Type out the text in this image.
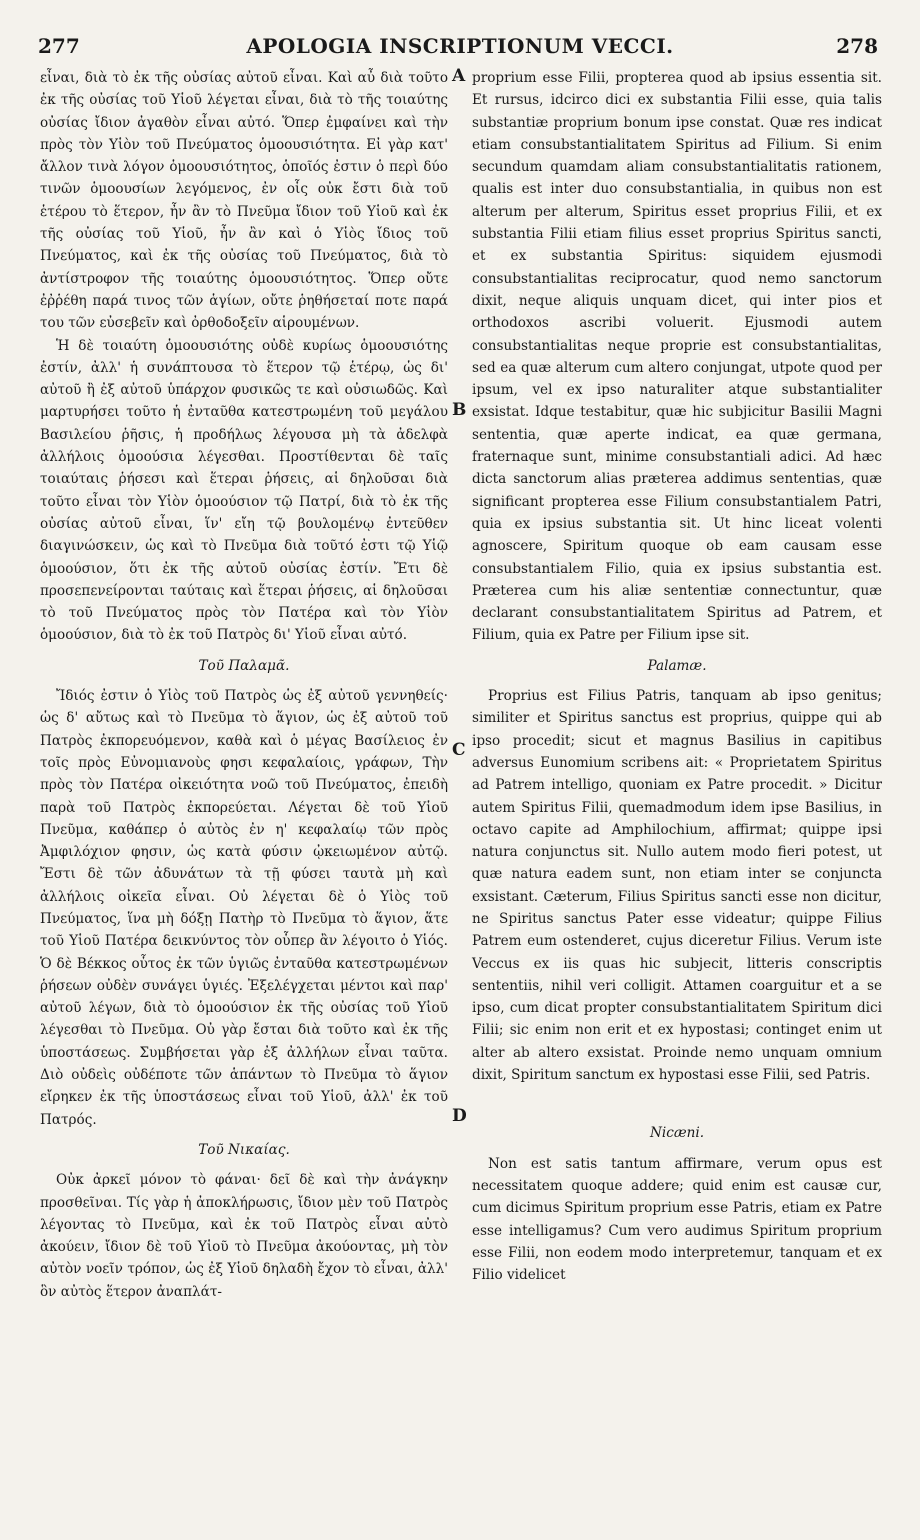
277	APOLOGIA INSCRIPTIONUM VECCI.	278

εἶναι, διὰ τὸ ἐκ τῆς οὐσίας αὐτοῦ εἶναι. Καὶ αὖ διὰ τοῦτο ἐκ τῆς οὐσίας τοῦ Υἱοῦ λέγεται εἶναι, διὰ τὸ τῆς τοιαύτης οὐσίας ἴδιον ἀγαθὸν εἶναι αὐτό. Ὅπερ ἐμφαίνει καὶ τὴν πρὸς τὸν Υἱὸν τοῦ Πνεύματος ὁμοουσιότητα. Εἰ γὰρ κατ' ἄλλον τινὰ λόγον ὁμοουσιότητος, ὁποῖός ἐστιν ὁ περὶ δύο τινῶν ὁμοουσίων λεγόμενος, ἐν οἷς οὐκ ἔστι διὰ τοῦ ἑτέρου τὸ ἕτερον, ἦν ἂν τὸ Πνεῦμα ἴδιον τοῦ Υἱοῦ καὶ ἐκ τῆς οὐσίας τοῦ Υἱοῦ, ἦν ἂν καὶ ὁ Υἱὸς ἴδιος τοῦ Πνεύματος, καὶ ἐκ τῆς οὐσίας τοῦ Πνεύματος, διὰ τὸ ἀντίστροφον τῆς τοιαύτης ὁμοουσιότητος. Ὅπερ οὔτε ἐῤῥέθη παρά τινος τῶν ἁγίων, οὔτε ῥηθήσεταί ποτε παρά του τῶν εὐσεβεῖν καὶ ὀρθοδοξεῖν αἱρουμένων.

Ἡ δὲ τοιαύτη ὁμοουσιότης οὐδὲ κυρίως ὁμοουσιότης ἐστίν, ἀλλ' ἡ συνάπτουσα τὸ ἕτερον τῷ ἑτέρῳ, ὡς δι' αὐτοῦ ἢ ἐξ αὐτοῦ ὑπάρχον φυσικῶς τε καὶ οὐσιωδῶς. Καὶ μαρτυρήσει τοῦτο ἡ ἐνταῦθα κατεστρωμένη τοῦ μεγάλου Βασιλείου ῥῆσις, ἡ προδήλως λέγουσα μὴ τὰ ἀδελφὰ ἀλλήλοις ὁμοούσια λέγεσθαι. Προστίθενται δὲ ταῖς τοιαύταις ῥήσεσι καὶ ἕτεραι ῥήσεις, αἱ δηλοῦσαι διὰ τοῦτο εἶναι τὸν Υἱὸν ὁμοούσιον τῷ Πατρί, διὰ τὸ ἐκ τῆς οὐσίας αὐτοῦ εἶναι, ἵν' εἴη τῷ βουλομένῳ ἐντεῦθεν διαγινώσκειν, ὡς καὶ τὸ Πνεῦμα διὰ τοῦτό ἐστι τῷ Υἱῷ ὁμοούσιον, ὅτι ἐκ τῆς αὐτοῦ οὐσίας ἐστίν. Ἔτι δὲ προσεπενείρονται ταύταις καὶ ἕτεραι ῥήσεις, αἱ δηλοῦσαι τὸ τοῦ Πνεύματος πρὸς τὸν Πατέρα καὶ τὸν Υἱὸν ὁμοούσιον, διὰ τὸ ἐκ τοῦ Πατρὸς δι' Υἱοῦ εἶναι αὐτό.

Τοῦ Παλαμᾶ.

Ἴδιός ἐστιν ὁ Υἱὸς τοῦ Πατρὸς ὡς ἐξ αὐτοῦ γεννηθείς· ὡς δ' αὔτως καὶ τὸ Πνεῦμα τὸ ἅγιον, ὡς ἐξ αὐτοῦ τοῦ Πατρὸς ἐκπορευόμενον, καθὰ καὶ ὁ μέγας Βασίλειος ἐν τοῖς πρὸς Εὐνομιανοὺς φησι κεφαλαίοις, γράφων, Τὴν πρὸς τὸν Πατέρα οἰκειότητα νοῶ τοῦ Πνεύματος, ἐπειδὴ παρὰ τοῦ Πατρὸς ἐκπορεύεται. Λέγεται δὲ τοῦ Υἱοῦ Πνεῦμα, καθάπερ ὁ αὐτὸς ἐν η' κεφαλαίῳ τῶν πρὸς Ἀμφιλόχιον φησιν, ὡς κατὰ φύσιν ᾠκειωμένον αὐτῷ. Ἔστι δὲ τῶν ἀδυνάτων τὰ τῇ φύσει ταυτὰ μὴ καὶ ἀλλήλοις οἰκεῖα εἶναι. Οὐ λέγεται δὲ ὁ Υἱὸς τοῦ Πνεύματος, ἵνα μὴ δόξῃ Πατὴρ τὸ Πνεῦμα τὸ ἅγιον, ἅτε τοῦ Υἱοῦ Πατέρα δεικνύντος τὸν οὗπερ ἂν λέγοιτο ὁ Υἱός. Ὁ δὲ Βέκκος οὗτος ἐκ τῶν ὑγιῶς ἐνταῦθα κατεστρωμένων ῥήσεων οὐδὲν συνάγει ὑγιές. Ἐξελέγχεται μέντοι καὶ παρ' αὐτοῦ λέγων, διὰ τὸ ὁμοούσιον ἐκ τῆς οὐσίας τοῦ Υἱοῦ λέγεσθαι τὸ Πνεῦμα. Οὐ γὰρ ἔσται διὰ τοῦτο καὶ ἐκ τῆς ὑποστάσεως. Συμβήσεται γὰρ ἐξ ἀλλήλων εἶναι ταῦτα. Διὸ οὐδεὶς οὐδέποτε τῶν ἁπάντων τὸ Πνεῦμα τὸ ἅγιον εἴρηκεν ἐκ τῆς ὑποστάσεως εἶναι τοῦ Υἱοῦ, ἀλλ' ἐκ τοῦ Πατρός.

Τοῦ Νικαίας.

Οὐκ ἀρκεῖ μόνον τὸ φάναι· δεῖ δὲ καὶ τὴν ἀνάγκην προσθεῖναι. Τίς γὰρ ἡ ἀποκλήρωσις, ἴδιον μὲν τοῦ Πατρὸς λέγοντας τὸ Πνεῦμα, καὶ ἐκ τοῦ Πατρὸς εἶναι αὐτὸ ἀκούειν, ἴδιον δὲ τοῦ Υἱοῦ τὸ Πνεῦμα ἀκούοντας, μὴ τὸν αὐτὸν νοεῖν τρόπον, ὡς ἐξ Υἱοῦ δηλαδὴ ἔχον τὸ εἶναι, ἀλλ' ὃν αὐτὸς ἕτερον ἀναπλάτ-

A
B
C
D

proprium esse Filii, propterea quod ab ipsius essentia sit. Et rursus, idcirco dici ex substantia Filii esse, quia talis substantiæ proprium bonum ipse constat. Quæ res indicat etiam consubstantialitatem Spiritus ad Filium. Si enim secundum quamdam aliam consubstantialitatis rationem, qualis est inter duo consubstantialia, in quibus non est alterum per alterum, Spiritus esset proprius Filii, et ex substantia Filii etiam filius esset proprius Spiritus sancti, et ex substantia Spiritus: siquidem ejusmodi consubstantialitas reciprocatur, quod nemo sanctorum dixit, neque aliquis unquam dicet, qui inter pios et orthodoxos ascribi voluerit. Ejusmodi autem consubstantialitas neque proprie est consubstantialitas, sed ea quæ alterum cum altero conjungat, utpote quod per ipsum, vel ex ipso naturaliter atque substantialiter exsistat. Idque testabitur, quæ hic subjicitur Basilii Magni sententia, quæ aperte indicat, ea quæ germana, fraternaque sunt, minime consubstantiali adici. Ad hæc dicta sanctorum alias præterea addimus sententias, quæ significant propterea esse Filium consubstantialem Patri, quia ex ipsius substantia sit. Ut hinc liceat volenti agnoscere, Spiritum quoque ob eam causam esse consubstantialem Filio, quia ex ipsius substantia est. Præterea cum his aliæ sententiæ connectuntur, quæ declarant consubstantialitatem Spiritus ad Patrem, et Filium, quia ex Patre per Filium ipse sit.

Palamæ.

Proprius est Filius Patris, tanquam ab ipso genitus; similiter et Spiritus sanctus est proprius, quippe qui ab ipso procedit; sicut et magnus Basilius in capitibus adversus Eunomium scribens ait: « Proprietatem Spiritus ad Patrem intelligo, quoniam ex Patre procedit. » Dicitur autem Spiritus Filii, quemadmodum idem ipse Basilius, in octavo capite ad Amphilochium, affirmat; quippe ipsi natura conjunctus sit. Nullo autem modo fieri potest, ut quæ natura eadem sunt, non etiam inter se conjuncta exsistant. Cæterum, Filius Spiritus sancti esse non dicitur, ne Spiritus sanctus Pater esse videatur; quippe Filius Patrem eum ostenderet, cujus diceretur Filius. Verum iste Veccus ex iis quas hic subjecit, litteris conscriptis sententiis, nihil veri colligit. Attamen coarguitur et a se ipso, cum dicat propter consubstantialitatem Spiritum dici Filii; sic enim non erit et ex hypostasi; continget enim ut alter ab altero exsistat. Proinde nemo unquam omnium dixit, Spiritum sanctum ex hypostasi esse Filii, sed Patris.

Nicæni.

Non est satis tantum affirmare, verum opus est necessitatem quoque addere; quid enim est causæ cur, cum dicimus Spiritum proprium esse Patris, etiam ex Patre esse intelligamus? Cum vero audimus Spiritum proprium esse Filii, non eodem modo interpretemur, tanquam et ex Filio videlicet
